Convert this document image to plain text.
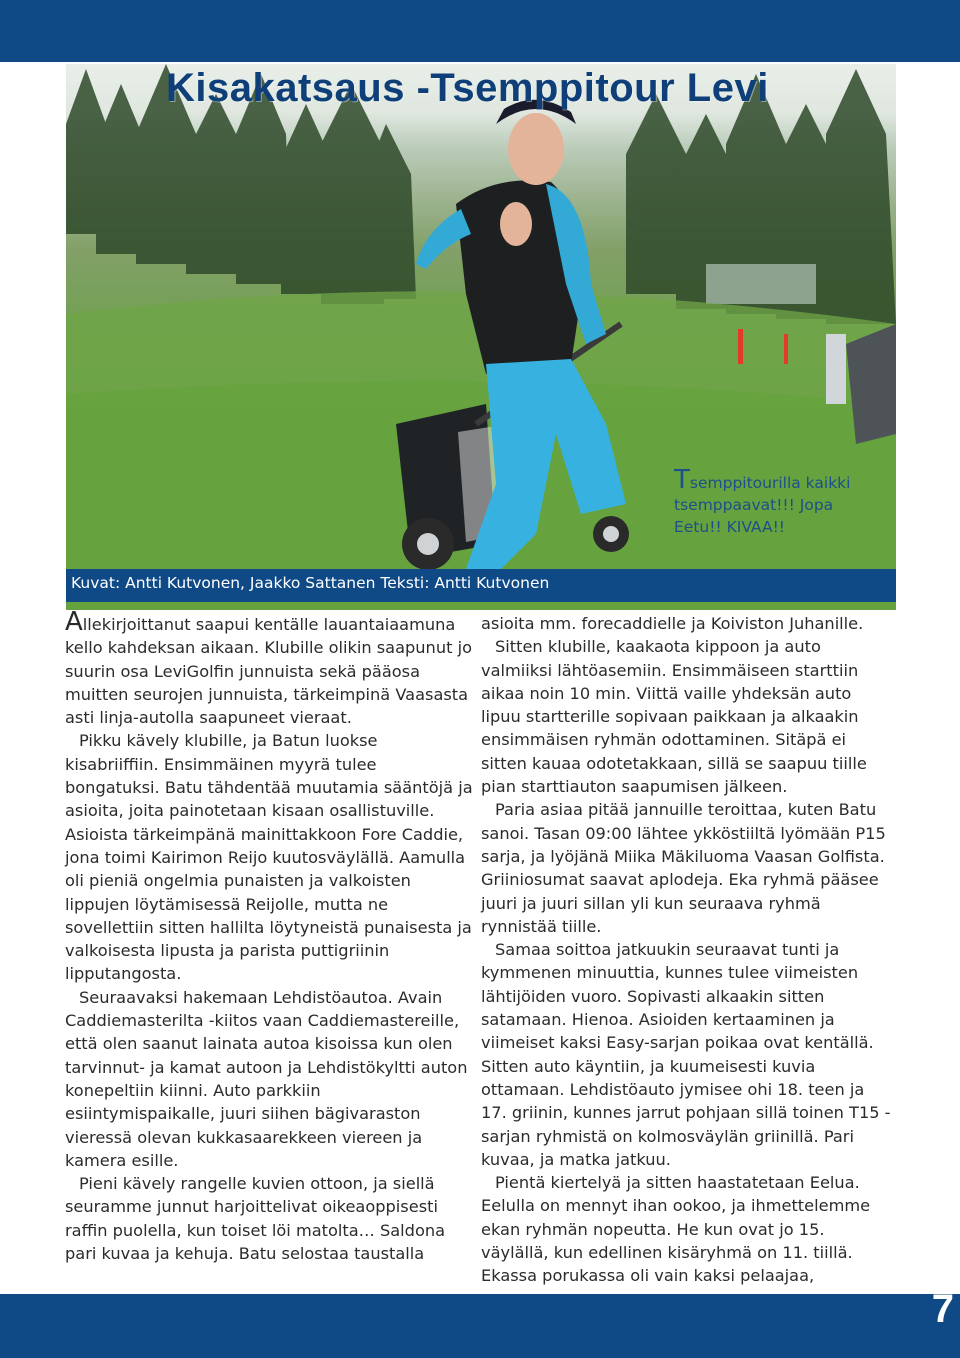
Kisakatsaus -Tsemppitour Levi
Tsemppitourilla kaikki tsemppaavat!!! Jopa Eetu!! KIVAA!!
Kuvat: Antti Kutvonen, Jaakko Sattanen Teksti: Antti Kutvonen

Allekirjoittanut saapui kentälle lauantaiaamuna kello kahdeksan aikaan. Klubille olikin saapunut jo suurin osa LeviGolfin junnuista sekä pääosa muitten seurojen junnuista, tärkeimpinä Vaasasta asti linja-autolla saapuneet vieraat.

Pikku kävely klubille, ja Batun luokse kisabriiffiin. Ensimmäinen myyrä tulee bongatuksi. Batu tähdentää muutamia sääntöjä ja asioita, joita painotetaan kisaan osallistuville. Asioista tärkeimpänä mainittakkoon Fore Caddie, jona toimi Kairimon Reijo kuutosväylällä. Aamulla oli pieniä ongelmia punaisten ja valkoisten lippujen löytämisessä Reijolle, mutta ne sovellettiin sitten hallilta löytyneistä punaisesta ja valkoisesta lipusta ja parista puttigriinin lipputangosta.

Seuraavaksi hakemaan Lehdistöautoa. Avain Caddiemasterilta -kiitos vaan Caddiemastereille, että olen saanut lainata autoa kisoissa kun olen tarvinnut- ja kamat autoon ja Lehdistökyltti auton konepeltiin kiinni. Auto parkkiin esiintymispaikalle, juuri siihen bägivaraston vieressä olevan kukkasaarekkeen viereen ja kamera esille.

Pieni kävely rangelle kuvien ottoon, ja siellä seuramme junnut harjoittelivat oikeaoppisesti raffin puolella, kun toiset löi matolta… Saldona pari kuvaa ja kehuja. Batu selostaa taustalla

asioita mm. forecaddielle ja Koiviston Juhanille.

Sitten klubille, kaakaota kippoon ja auto valmiiksi lähtöasemiin. Ensimmäiseen starttiin aikaa noin 10 min. Viittä vaille yhdeksän auto lipuu startterille sopivaan paikkaan ja alkaakin ensimmäisen ryhmän odottaminen. Sitäpä ei sitten kauaa odotetakkaan, sillä se saapuu tiille pian starttiauton saapumisen jälkeen.

Paria asiaa pitää jannuille teroittaa, kuten Batu sanoi. Tasan 09:00 lähtee ykköstiiltä lyömään P15 sarja, ja lyöjänä Miika Mäkiluoma Vaasan Golfista. Griiniosumat saavat aplodeja. Eka ryhmä pääsee juuri ja juuri sillan yli kun seuraava ryhmä rynnistää tiille.

Samaa soittoa jatkuukin seuraavat tunti ja kymmenen minuuttia, kunnes tulee viimeisten lähtijöiden vuoro. Sopivasti alkaakin sitten satamaan. Hienoa. Asioiden kertaaminen ja viimeiset kaksi Easy-sarjan poikaa ovat kentällä. Sitten auto käyntiin, ja kuumeisesti kuvia ottamaan. Lehdistöauto jymisee ohi 18. teen ja 17. griinin, kunnes jarrut pohjaan sillä toinen T15 -sarjan ryhmistä on kolmosväylän griinillä. Pari kuvaa, ja matka jatkuu.

Pientä kiertelyä ja sitten haastatetaan Eelua. Eelulla on mennyt ihan ookoo, ja ihmettelemme ekan ryhmän nopeutta. He kun ovat jo 15. väylällä, kun edellinen kisäryhmä on 11. tiillä. Ekassa porukassa oli vain kaksi pelaajaa,

7
